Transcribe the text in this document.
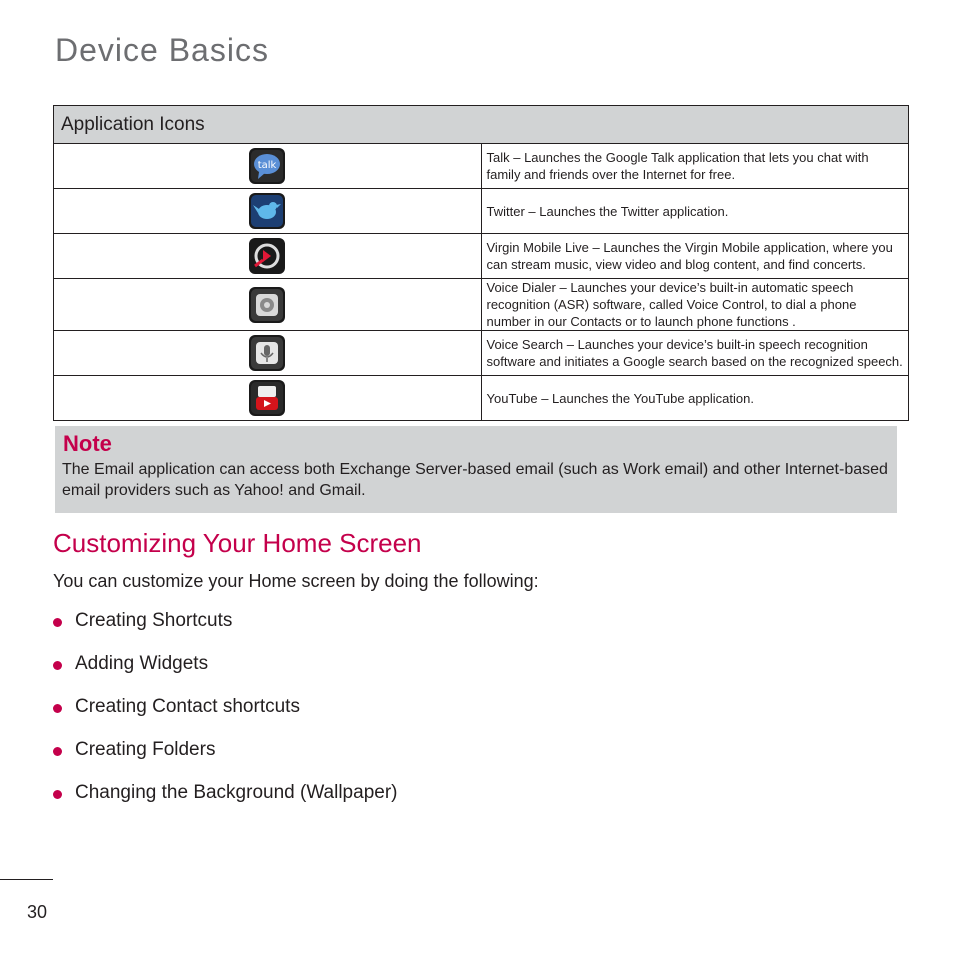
Device Basics
Application Icons	

talk	Talk – Launches the Google Talk application that lets you chat with family and friends over the Internet for free.

	Twitter – Launches the Twitter application.

	Virgin Mobile Live – Launches the Virgin Mobile application, where you can stream music, view video and blog content, and find concerts.

	Voice Dialer – Launches your device’s built-in automatic speech recognition (ASR) software, called Voice Control, to dial a phone number in our Contacts or to launch phone functions .

	Voice Search – Launches your device’s built-in speech recognition software and initiates a Google search based on the recognized speech.

	YouTube – Launches the YouTube application.
Note
The Email application can access both Exchange Server-based email (such as Work email) and other Internet-based email providers such as Yahoo! and Gmail.
Customizing Your Home Screen
You can customize your Home screen by doing the following:
Creating Shortcuts
Adding Widgets
Creating Contact shortcuts
Creating Folders
Changing the Background (Wallpaper)
30
